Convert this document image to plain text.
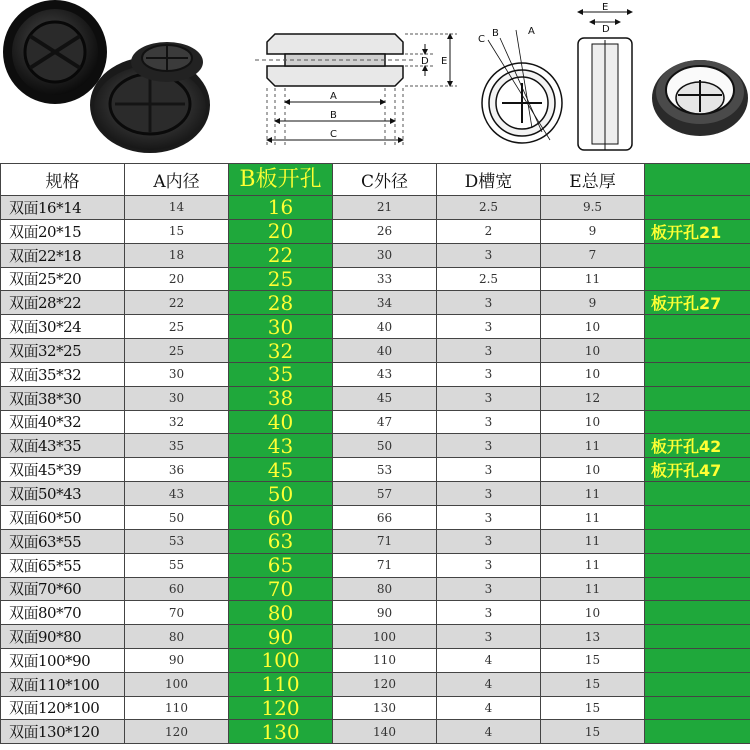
A
B
C
D E
C
B	A
E
D
规格	A内径	B板开孔	C外径	D槽宽	E总厚	
双面16*14	14	16	21	2.5	9.5	
双面20*15	15	20	26	2	9	板开孔21
双面22*18	18	22	30	3	7	
双面25*20	20	25	33	2.5	11	
双面28*22	22	28	34	3	9	板开孔27
双面30*24	25	30	40	3	10	
双面32*25	25	32	40	3	10	
双面35*32	30	35	43	3	10	
双面38*30	30	38	45	3	12	
双面40*32	32	40	47	3	10	
双面43*35	35	43	50	3	11	板开孔42
双面45*39	36	45	53	3	10	板开孔47
双面50*43	43	50	57	3	11	
双面60*50	50	60	66	3	11	
双面63*55	53	63	71	3	11	
双面65*55	55	65	71	3	11	
双面70*60	60	70	80	3	11	
双面80*70	70	80	90	3	10	
双面90*80	80	90	100	3	13	
双面100*90	90	100	110	4	15	
双面110*100	100	110	120	4	15	
双面120*100	110	120	130	4	15	
双面130*120	120	130	140	4	15	
